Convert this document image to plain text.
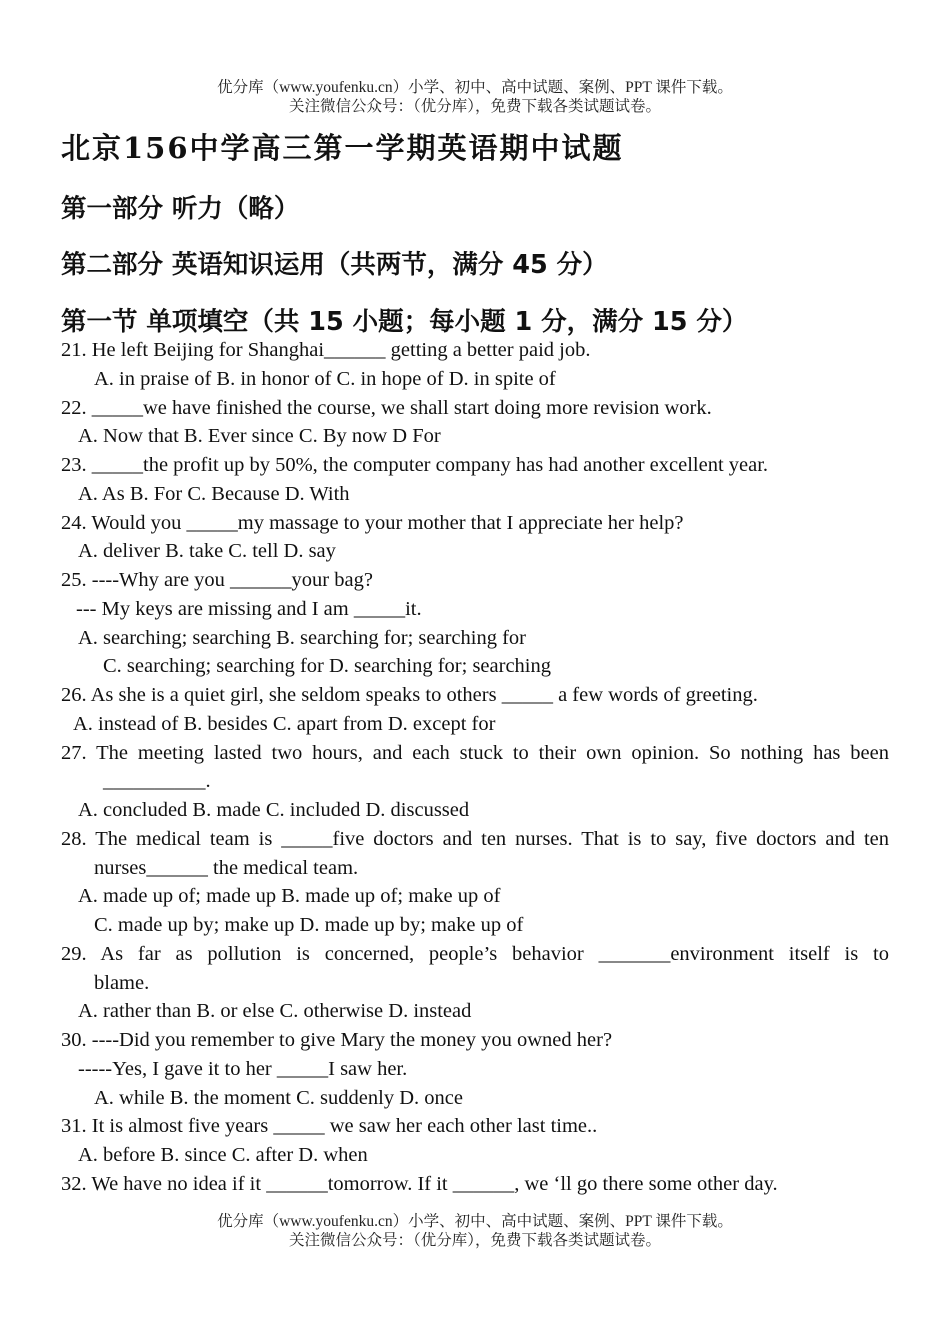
优分库（www.youfenku.cn）小学、初中、高中试题、案例、PPT 课件下载。
关注微信公众号：（优分库），免费下载各类试题试卷。
北京156中学高三第一学期英语期中试题
第一部分 听力（略）
第二部分 英语知识运用（共两节，满分 45 分）
第一节 单项填空（共 15 小题；每小题 1 分，满分 15 分）
21. He left Beijing for Shanghai______ getting a better paid job.
A. in praise of B. in honor of C. in hope of D. in spite of
22. _____we have finished the course, we shall start doing more revision work.
A. Now that B. Ever since C. By now D For
23. _____the profit up by 50%, the computer company has had another excellent year.
A. As B. For C. Because D. With
24. Would you _____my massage to your mother that I appreciate her help?
A. deliver B. take C. tell D. say
25. ----Why are you ______your bag?
--- My keys are missing and I am _____it.
A. searching; searching B. searching for; searching for
C. searching; searching for D. searching for; searching
26. As she is a quiet girl, she seldom speaks to others _____ a few words of greeting.
A. instead of B. besides C. apart from D. except for
27. The meeting lasted two hours, and each stuck to their own opinion. So nothing has been
__________.
A. concluded B. made C. included D. discussed
28. The medical team is _____five doctors and ten nurses. That is to say, five doctors and ten
nurses______ the medical team.
A. made up of; made up B. made up of; make up of
C. made up by; make up D. made up by; make up of
29. As far as pollution is concerned, people’s behavior _______environment itself is to
blame.
A. rather than B. or else C. otherwise D. instead
30. ----Did you remember to give Mary the money you owned her?
-----Yes, I gave it to her _____I saw her.
A. while B. the moment C. suddenly D. once
31. It is almost five years _____ we saw her each other last time..
A. before B. since C. after D. when
32. We have no idea if it ______tomorrow. If it ______, we ‘ll go there some other day.
优分库（www.youfenku.cn）小学、初中、高中试题、案例、PPT 课件下载。
关注微信公众号：（优分库），免费下载各类试题试卷。
